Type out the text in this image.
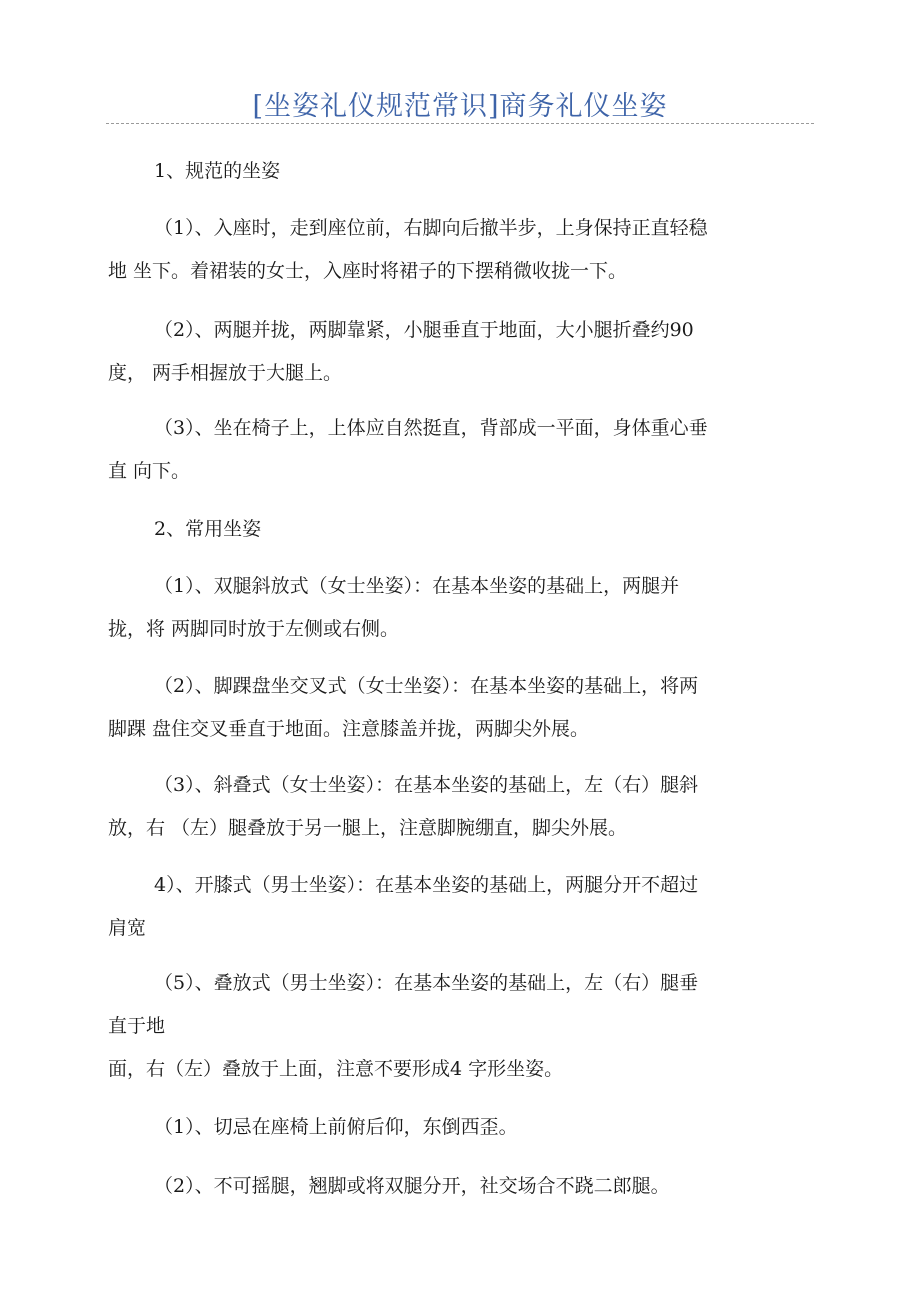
[坐姿礼仪规范常识]商务礼仪坐姿
1、规范的坐姿
（1）、入座时，走到座位前，右脚向后撤半步，上身保持正直轻稳
地 坐下。着裙装的女士，入座时将裙子的下摆稍微收拢一下。
（2）、两腿并拢，两脚靠紧，小腿垂直于地面，大小腿折叠约90
度， 两手相握放于大腿上。
（3）、坐在椅子上，上体应自然挺直，背部成一平面，身体重心垂
直 向下。
2、常用坐姿
（1）、双腿斜放式（女士坐姿）：在基本坐姿的基础上，两腿并
拢，将 两脚同时放于左侧或右侧。
（2）、脚踝盘坐交叉式（女士坐姿）：在基本坐姿的基础上，将两
脚踝 盘住交叉垂直于地面。注意膝盖并拢，两脚尖外展。
（3）、斜叠式（女士坐姿）：在基本坐姿的基础上，左（右）腿斜
放，右 （左）腿叠放于另一腿上，注意脚腕绷直，脚尖外展。
4）、开膝式（男士坐姿）：在基本坐姿的基础上，两腿分开不超过
肩宽
（5）、叠放式（男士坐姿）：在基本坐姿的基础上，左（右）腿垂
直于地
面，右（左）叠放于上面，注意不要形成4 字形坐姿。
（1）、切忌在座椅上前俯后仰，东倒西歪。
（2）、不可摇腿，翘脚或将双腿分开，社交场合不跷二郎腿。
